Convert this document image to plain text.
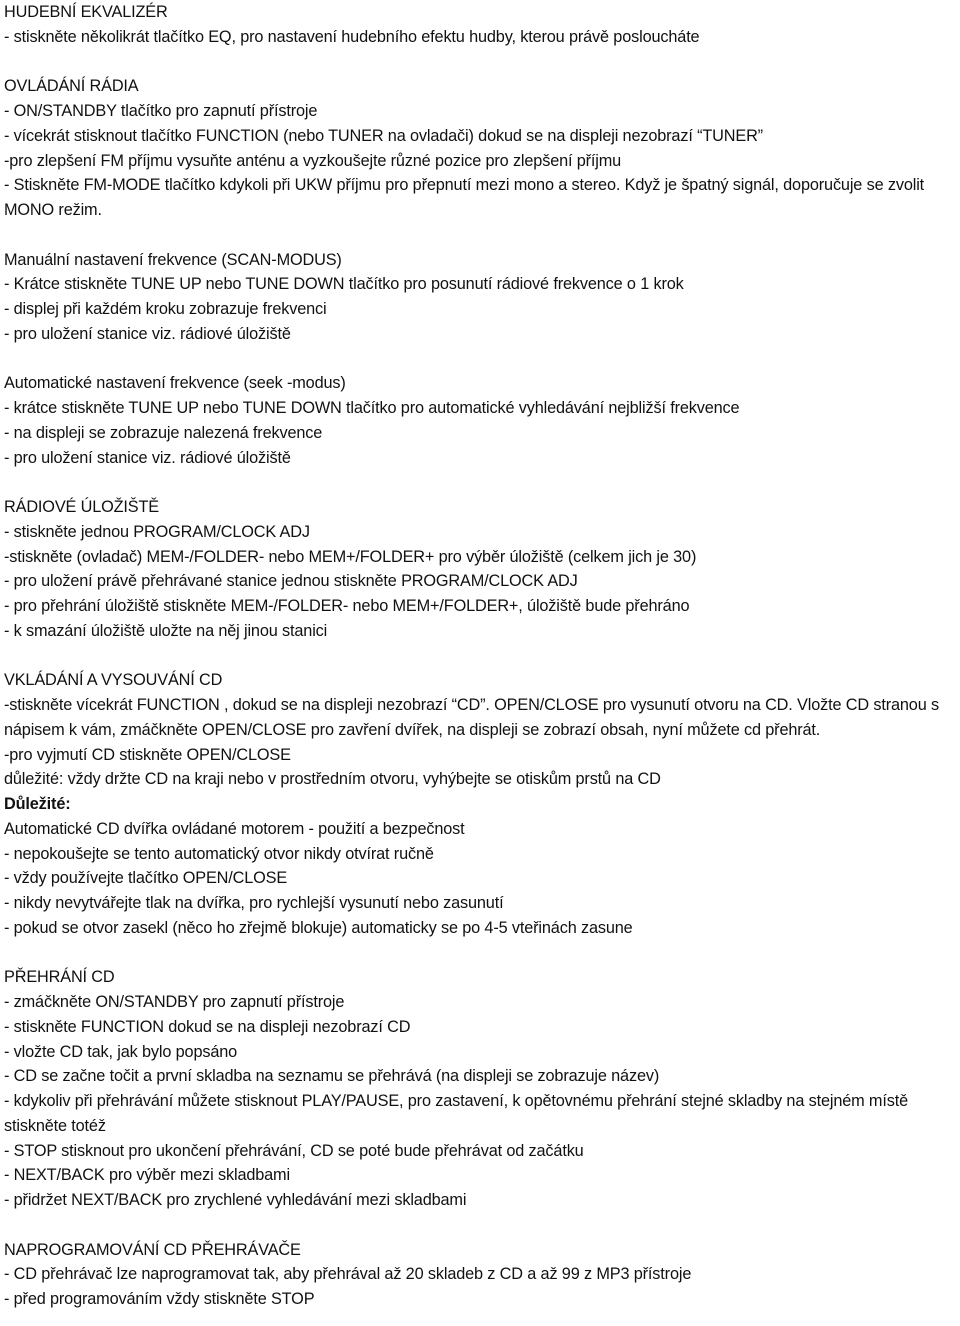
HUDEBNÍ EKVALIZÉR
- stiskněte několikrát tlačítko EQ, pro nastavení hudebního efektu hudby, kterou právě posloucháte
OVLÁDÁNÍ RÁDIA
- ON/STANDBY tlačítko pro zapnutí přístroje
- vícekrát stisknout tlačítko FUNCTION (nebo TUNER na ovladači) dokud se na displeji nezobrazí “TUNER”
-pro zlepšení FM příjmu vysuňte anténu a vyzkoušejte různé pozice pro zlepšení příjmu
- Stiskněte FM-MODE tlačítko kdykoli při UKW příjmu pro přepnutí mezi mono a stereo. Když je špatný signál, doporučuje se zvolit MONO režim.
Manuální nastavení frekvence (SCAN-MODUS)
- Krátce stiskněte TUNE UP nebo TUNE DOWN tlačítko pro posunutí rádiové frekvence o 1 krok
- displej při každém kroku zobrazuje frekvenci
- pro uložení stanice viz. rádiové úložiště
Automatické nastavení frekvence (seek -modus)
- krátce stiskněte TUNE UP nebo TUNE DOWN tlačítko pro automatické vyhledávání nejbližší frekvence
- na displeji se zobrazuje nalezená frekvence
- pro uložení stanice viz. rádiové úložiště
RÁDIOVÉ ÚLOŽIŠTĚ
- stiskněte jednou PROGRAM/CLOCK ADJ
-stiskněte (ovladač) MEM-/FOLDER- nebo MEM+/FOLDER+ pro výběr úložiště (celkem jich je 30)
- pro uložení právě přehrávané stanice jednou stiskněte PROGRAM/CLOCK ADJ
- pro přehrání úložiště stiskněte MEM-/FOLDER- nebo MEM+/FOLDER+, úložiště bude přehráno
- k smazání úložiště uložte na něj jinou stanici
VKLÁDÁNÍ A VYSOUVÁNÍ CD
-stiskněte vícekrát FUNCTION , dokud se na displeji nezobrazí “CD”. OPEN/CLOSE pro vysunutí otvoru na CD. Vložte CD stranou s nápisem k vám, zmáčkněte OPEN/CLOSE pro zavření dvířek, na displeji se zobrazí obsah, nyní můžete cd přehrát.
-pro vyjmutí CD stiskněte OPEN/CLOSE
důležité: vždy držte CD na kraji nebo v prostředním otvoru, vyhýbejte se otiskům prstů na CD
Důležité:
Automatické CD dvířka ovládané motorem - použití a bezpečnost
- nepokoušejte se tento automatický otvor nikdy otvírat ručně
- vždy používejte tlačítko OPEN/CLOSE
- nikdy nevytvářejte tlak na dvířka, pro rychlejší vysunutí nebo zasunutí
- pokud se otvor zasekl (něco ho zřejmě blokuje) automaticky se po 4-5 vteřinách zasune
PŘEHRÁNÍ CD
- zmáčkněte ON/STANDBY pro zapnutí přístroje
- stiskněte FUNCTION dokud se na displeji nezobrazí CD
- vložte CD tak, jak bylo popsáno
- CD se začne točit a první skladba na seznamu se přehrává (na displeji se zobrazuje název)
- kdykoliv při přehrávání můžete stisknout PLAY/PAUSE, pro zastavení, k opětovnému přehrání stejné skladby na stejném místě stiskněte totéž
- STOP stisknout pro ukončení přehrávání, CD se poté bude přehrávat od začátku
- NEXT/BACK pro výběr mezi skladbami
- přidržet NEXT/BACK pro zrychlené vyhledávání mezi skladbami
NAPROGRAMOVÁNÍ CD PŘEHRÁVAČE
- CD přehrávač lze naprogramovat tak, aby přehrával až 20 skladeb z CD a až 99 z MP3 přístroje
- před programováním vždy stiskněte STOP
